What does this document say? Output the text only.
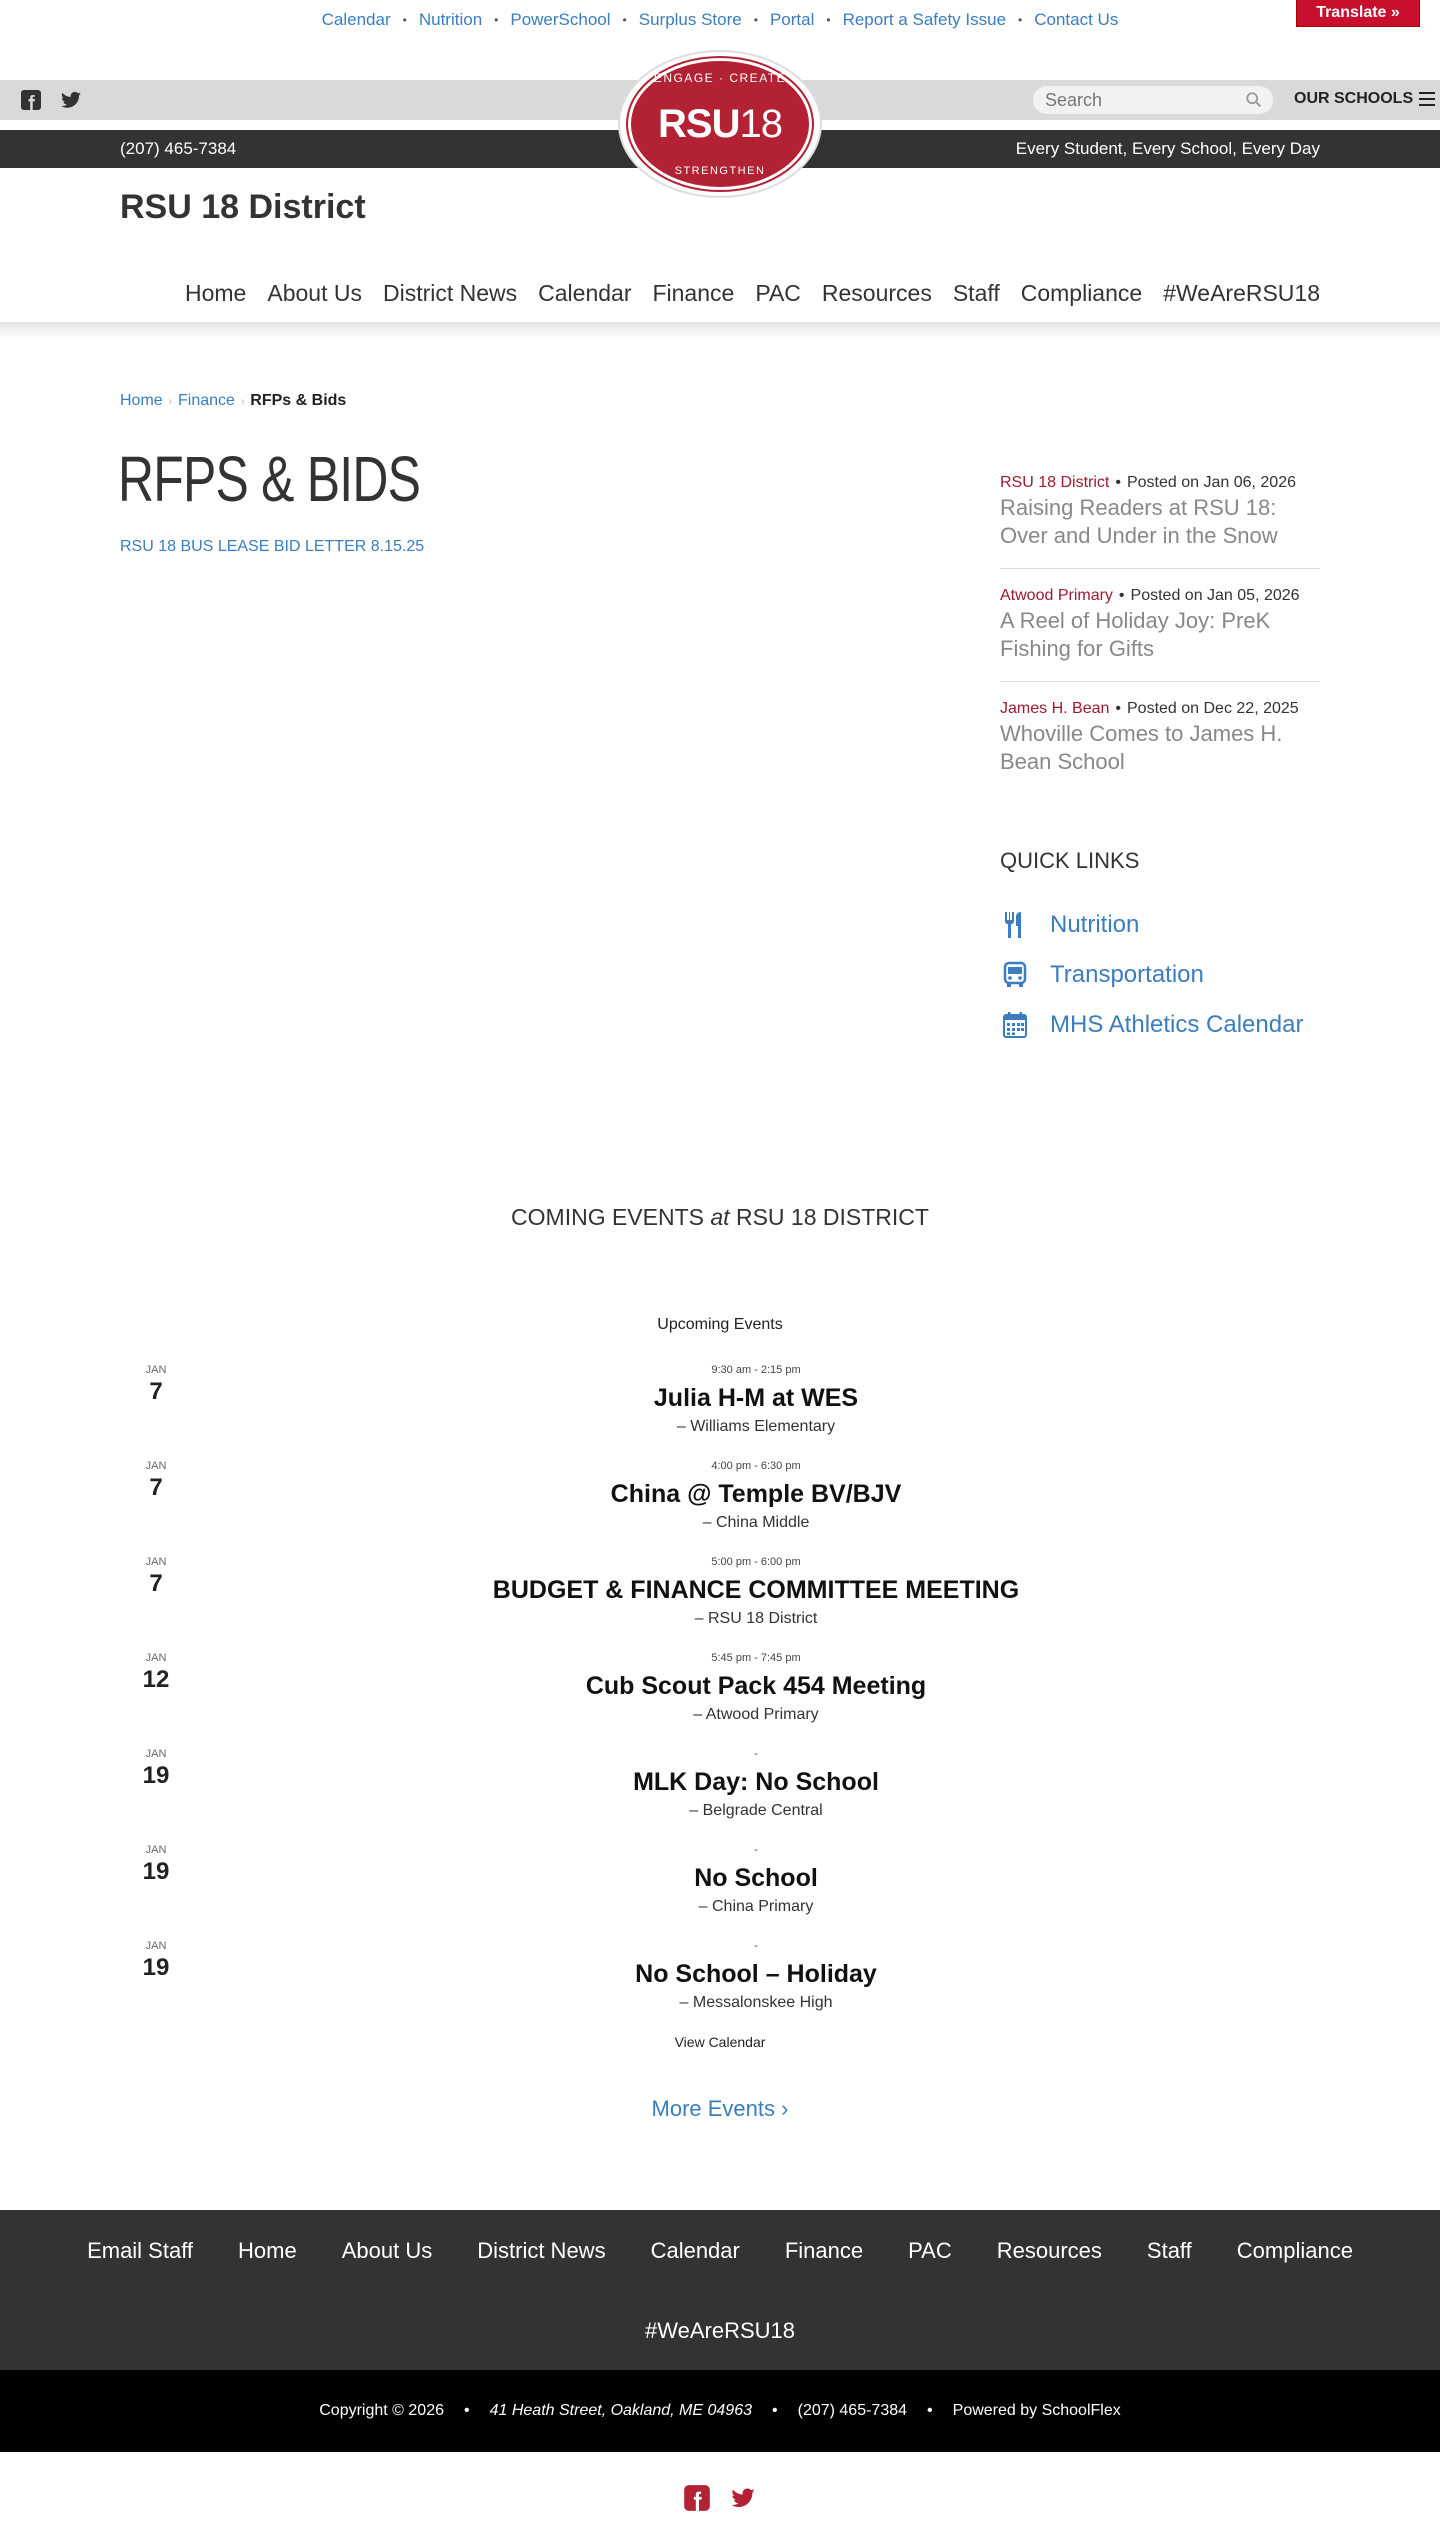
Translate »
Calendar • Nutrition • PowerSchool • Surplus Store • Portal • Report a Safety Issue • Contact Us
Search
OUR SCHOOLS
(207) 465-7384	Every Student, Every School, Every Day
ENGAGE · CREATE
RSU18
STRENGTHEN
RSU 18 District
Home About Us District News Calendar Finance PAC Resources Staff Compliance #WeAreRSU18
Home › Finance › RFPs & Bids
RFPS & BIDS
RSU 18 BUS LEASE BID LETTER 8.15.25
RSU 18 District • Posted on Jan 06, 2026
Raising Readers at RSU 18: Over and Under in the Snow
Atwood Primary • Posted on Jan 05, 2026
A Reel of Holiday Joy: PreK Fishing for Gifts
James H. Bean • Posted on Dec 22, 2025
Whoville Comes to James H. Bean School
QUICK LINKS
Nutrition
Transportation
MHS Athletics Calendar
COMING EVENTS at RSU 18 DISTRICT
Upcoming Events
JAN
7
9:30 am - 2:15 pm
Julia H-M at WES
– Williams Elementary
JAN
7
4:00 pm - 6:30 pm
China @ Temple BV/BJV
– China Middle
JAN
7
5:00 pm - 6:00 pm
BUDGET & FINANCE COMMITTEE MEETING
– RSU 18 District
JAN
12
5:45 pm - 7:45 pm
Cub Scout Pack 454 Meeting
– Atwood Primary
JAN
19
-
MLK Day: No School
– Belgrade Central
JAN
19
-
No School
– China Primary
JAN
19
-
No School – Holiday
– Messalonskee High
View Calendar
More Events ›
Email Staff Home About Us District News Calendar Finance PAC Resources Staff Compliance
#WeAreRSU18
Copyright © 2026 • 41 Heath Street, Oakland, ME 04963 • (207) 465-7384 • Powered by SchoolFlex
